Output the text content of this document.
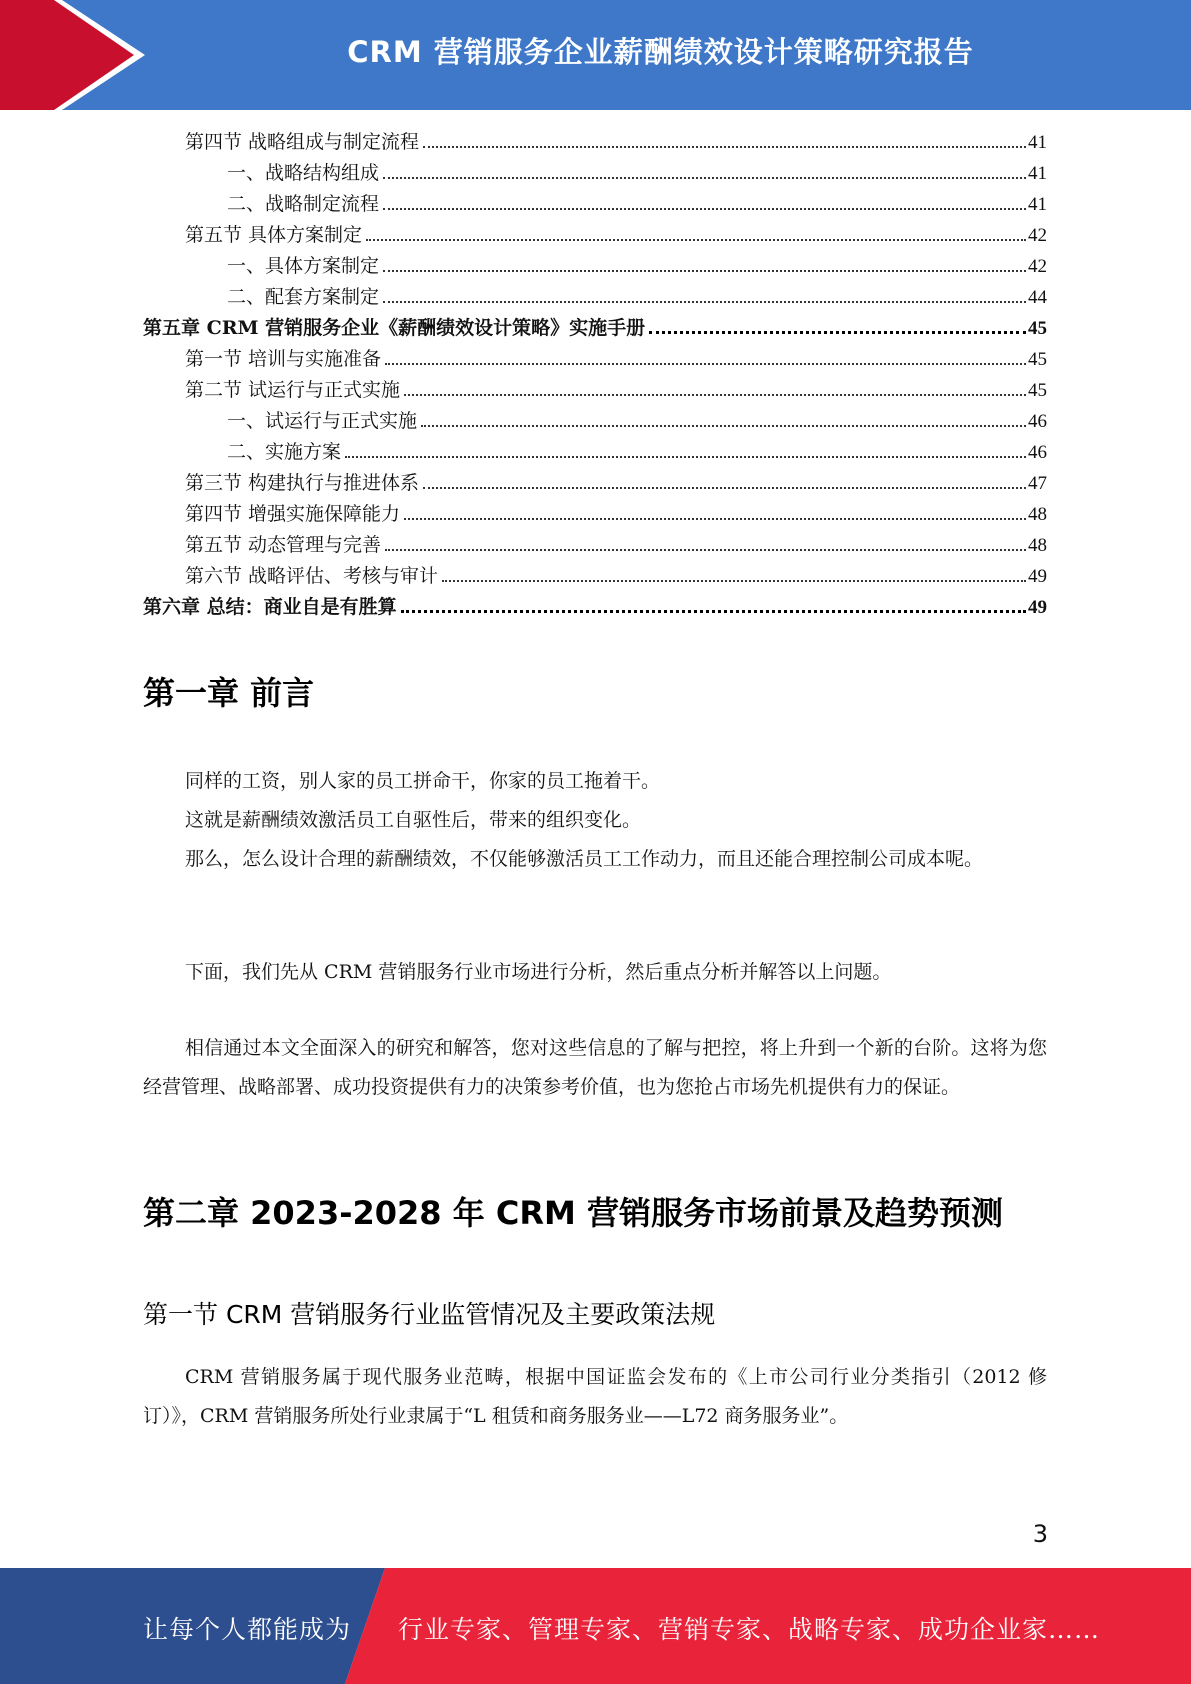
CRM 营销服务企业薪酬绩效设计策略研究报告
第四节 战略组成与制定流程	41
一、战略结构组成	41
二、战略制定流程	41
第五节 具体方案制定	42
一、具体方案制定	42
二、配套方案制定	44
第五章 CRM 营销服务企业《薪酬绩效设计策略》实施手册	45
第一节 培训与实施准备	45
第二节 试运行与正式实施	45
一、试运行与正式实施	46
二、实施方案	46
第三节 构建执行与推进体系	47
第四节 增强实施保障能力	48
第五节 动态管理与完善	48
第六节 战略评估、考核与审计	49
第六章 总结：商业自是有胜算	49
第一章 前言

同样的工资，别人家的员工拼命干，你家的员工拖着干。

这就是薪酬绩效激活员工自驱性后，带来的组织变化。

那么，怎么设计合理的薪酬绩效，不仅能够激活员工工作动力，而且还能合理控制公司成本呢。

下面，我们先从 CRM 营销服务行业市场进行分析，然后重点分析并解答以上问题。

相信通过本文全面深入的研究和解答，您对这些信息的了解与把控，将上升到一个新的台阶。这将为您经营管理、战略部署、成功投资提供有力的决策参考价值，也为您抢占市场先机提供有力的保证。

第二章 2023-2028 年 CRM 营销服务市场前景及趋势预测
第一节 CRM 营销服务行业监管情况及主要政策法规

CRM 营销服务属于现代服务业范畴，根据中国证监会发布的《上市公司行业分类指引（2012 修订）》，CRM 营销服务所处行业隶属于“L 租赁和商务服务业——L72 商务服务业”。

3
让每个人都能成为 行业专家、管理专家、营销专家、战略专家、成功企业家……
